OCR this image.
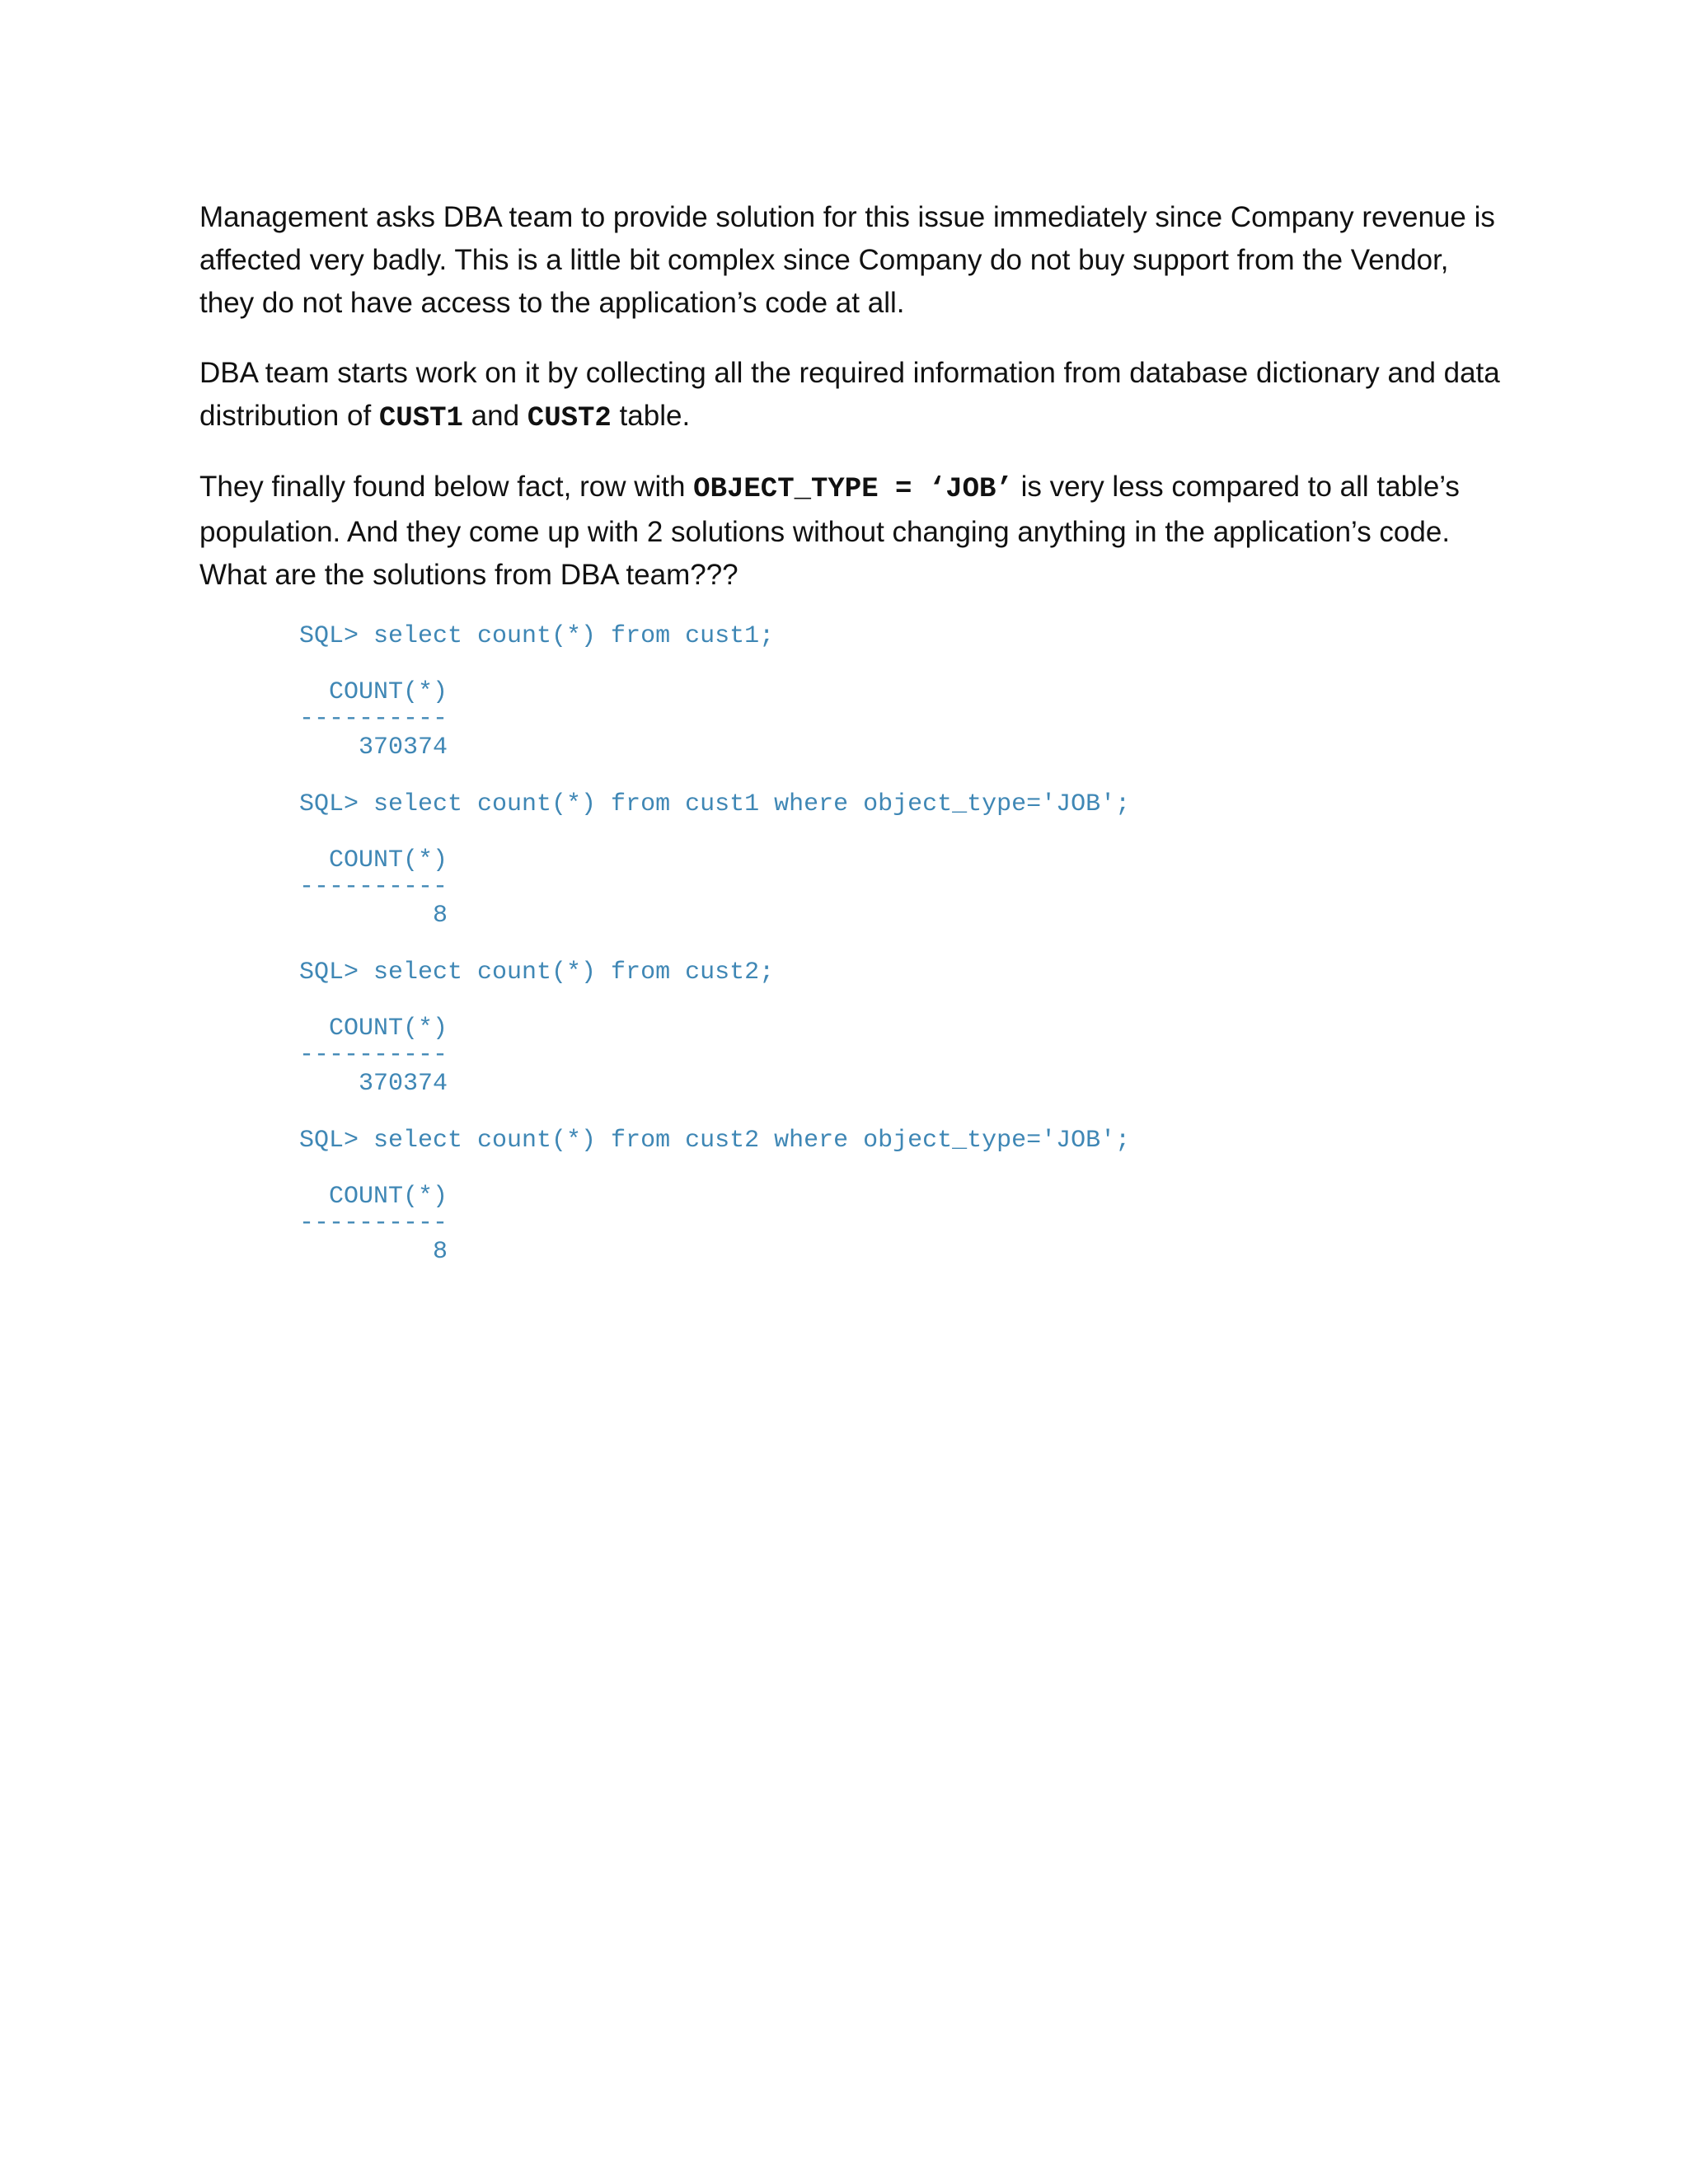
Management asks DBA team to provide solution for this issue immediately since Company revenue is affected very badly. This is a little bit complex since Company do not buy support from the Vendor, they do not have access to the application’s code at all.

DBA team starts work on it by collecting all the required information from database dictionary and data distribution of CUST1 and CUST2 table.

They finally found below fact, row with OBJECT_TYPE = ‘JOB’ is very less compared to all table’s population. And they come up with 2 solutions without changing anything in the application’s code. What are the solutions from DBA team???

SQL> select count(*) from cust1;
COUNT(*)
----------
370374
SQL> select count(*) from cust1 where object_type='JOB';
COUNT(*)
----------
8
SQL> select count(*) from cust2;
COUNT(*)
----------
370374
SQL> select count(*) from cust2 where object_type='JOB';
COUNT(*)
----------
8
